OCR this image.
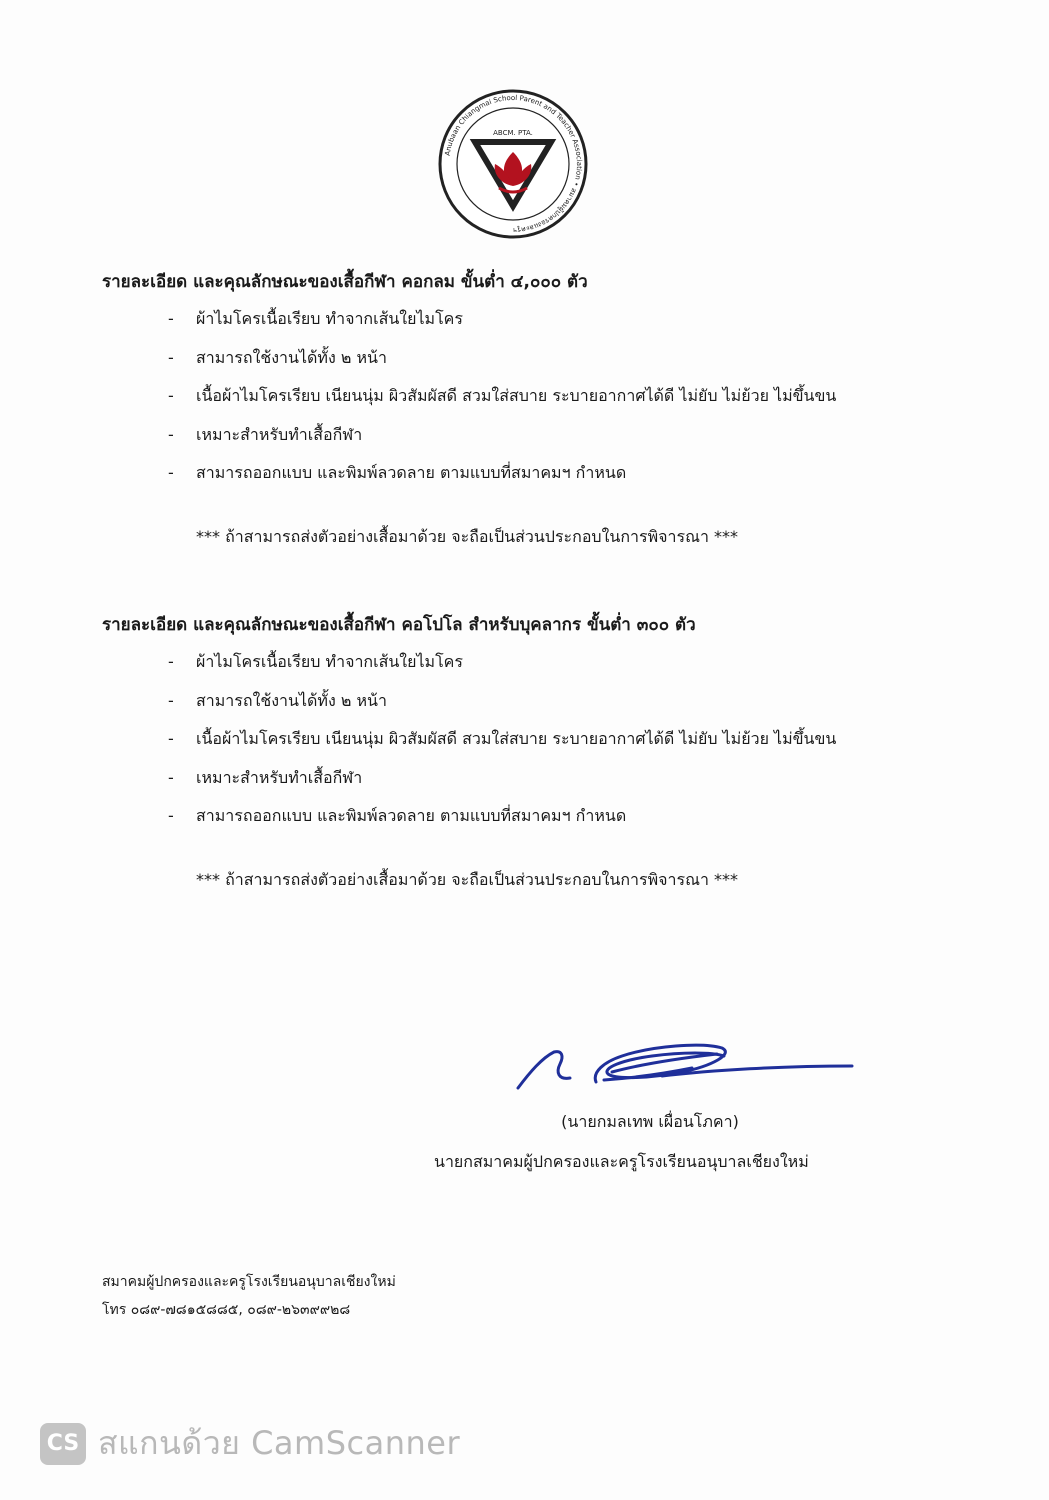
Anubaan Chiangmai School Parent and Teacher Association • สมาคมผู้ปกครองและครูฯ
ABCM. PTA.
รายละเอียด และคุณลักษณะของเสื้อกีฬา คอกลม ขั้นต่ำ ๔,๐๐๐ ตัว
- ผ้าไมโครเนื้อเรียบ ทำจากเส้นใยไมโคร
- สามารถใช้งานได้ทั้ง ๒ หน้า
- เนื้อผ้าไมโครเรียบ เนียนนุ่ม ผิวสัมผัสดี สวมใส่สบาย ระบายอากาศได้ดี ไม่ยับ ไม่ย้วย ไม่ขึ้นขน
- เหมาะสำหรับทำเสื้อกีฬา
- สามารถออกแบบ และพิมพ์ลวดลาย ตามแบบที่สมาคมฯ กำหนด
*** ถ้าสามารถส่งตัวอย่างเสื้อมาด้วย จะถือเป็นส่วนประกอบในการพิจารณา ***
รายละเอียด และคุณลักษณะของเสื้อกีฬา คอโปโล สำหรับบุคลากร ขั้นต่ำ ๓๐๐ ตัว
- ผ้าไมโครเนื้อเรียบ ทำจากเส้นใยไมโคร
- สามารถใช้งานได้ทั้ง ๒ หน้า
- เนื้อผ้าไมโครเรียบ เนียนนุ่ม ผิวสัมผัสดี สวมใส่สบาย ระบายอากาศได้ดี ไม่ยับ ไม่ย้วย ไม่ขึ้นขน
- เหมาะสำหรับทำเสื้อกีฬา
- สามารถออกแบบ และพิมพ์ลวดลาย ตามแบบที่สมาคมฯ กำหนด
*** ถ้าสามารถส่งตัวอย่างเสื้อมาด้วย จะถือเป็นส่วนประกอบในการพิจารณา ***
(นายกมลเทพ เผื่อนโภคา)
นายกสมาคมผู้ปกครองและครูโรงเรียนอนุบาลเชียงใหม่
สมาคมผู้ปกครองและครูโรงเรียนอนุบาลเชียงใหม่
โทร ๐๘๙-๗๘๑๕๘๘๕, ๐๘๙-๒๖๓๙๙๒๘
CS สแกนด้วย CamScanner
